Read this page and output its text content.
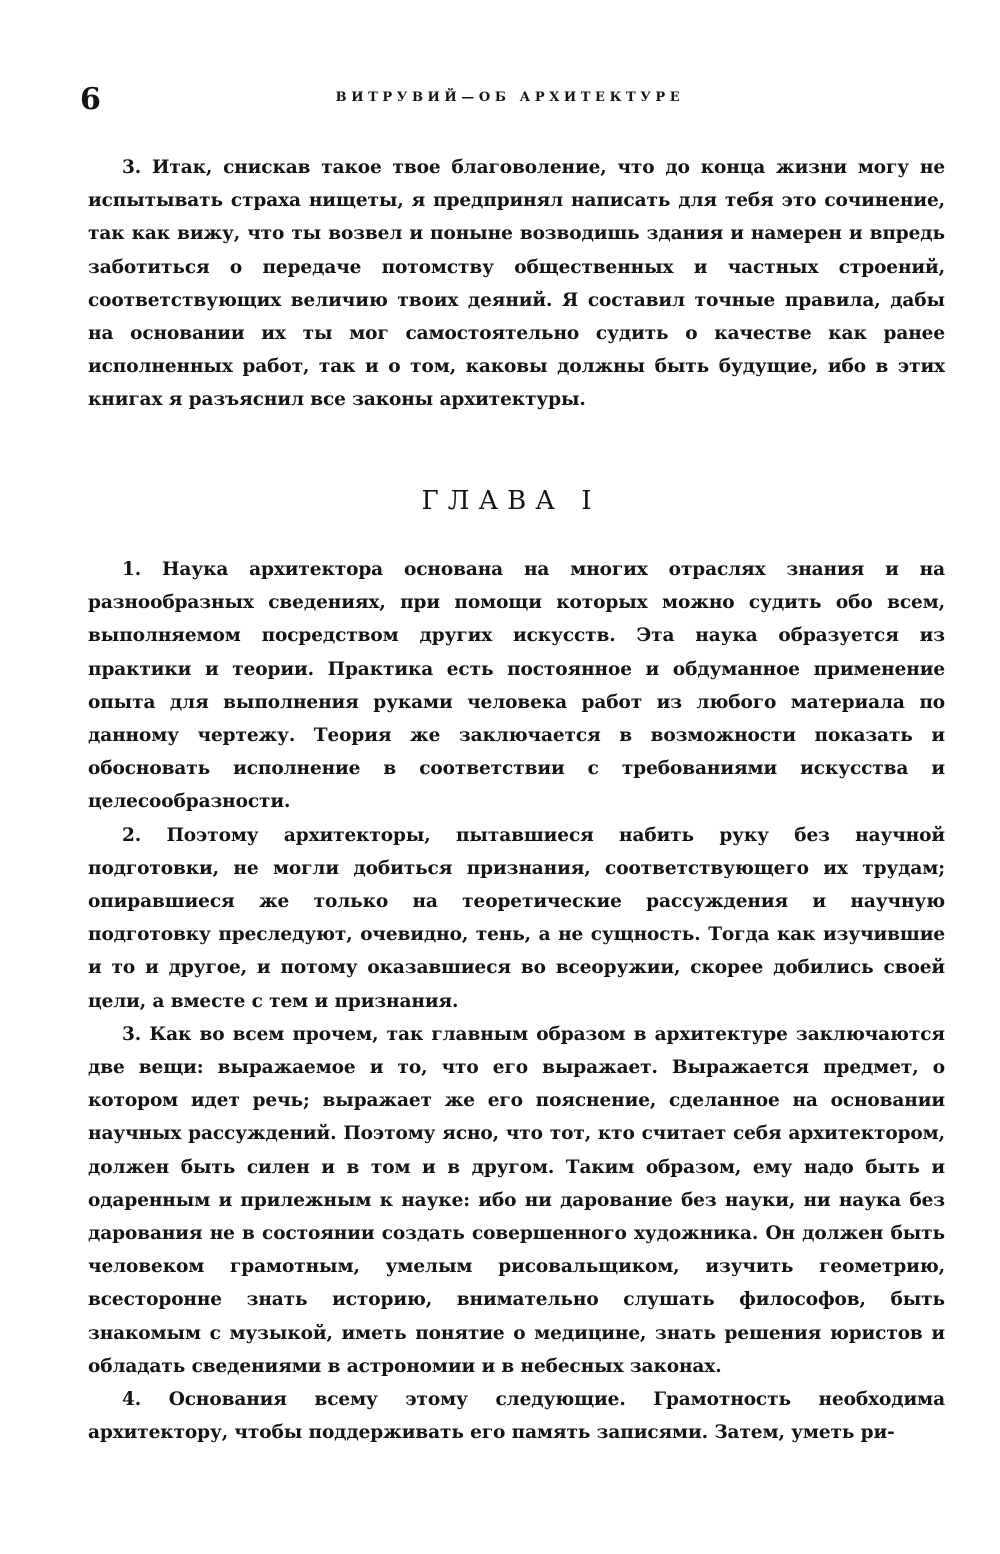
6	ВИТРУВИЙ—ОБ АРХИТЕКТУРЕ

3. Итак, снискав такое твое благоволение, что до конца жизни могу не испытывать страха нищеты, я предпринял написать для тебя это сочинение, так как вижу, что ты возвел и поныне возводишь здания и намерен и впредь заботиться о передаче потомству общественных и частных строений, соответствующих величию твоих деяний. Я составил точные правила, дабы на основании их ты мог самостоятельно судить о качестве как ранее исполненных работ, так и о том, каковы должны быть будущие, ибо в этих книгах я разъяснил все законы архитектуры.

ГЛАВА I

1. Наука архитектора основана на многих отраслях знания и на разнообразных сведениях, при помощи которых можно судить обо всем, выполняемом посредством других искусств. Эта наука образуется из практики и теории. Практика есть постоянное и обдуманное применение опыта для выполнения руками человека работ из любого материала по данному чертежу. Теория же заключается в возможности показать и обосновать исполнение в соответствии с требованиями искусства и целесообразности.

2. Поэтому архитекторы, пытавшиеся набить руку без научной подготовки, не могли добиться признания, соответствующего их трудам; опиравшиеся же только на теоретические рассуждения и научную подготовку преследуют, очевидно, тень, а не сущность. Тогда как изучившие и то и другое, и потому оказавшиеся во всеоружии, скорее добились своей цели, а вместе с тем и признания.

3. Как во всем прочем, так главным образом в архитектуре заключаются две вещи: выражаемое и то, что его выражает. Выражается предмет, о котором идет речь; выражает же его пояснение, сделанное на основании научных рассуждений. Поэтому ясно, что тот, кто считает себя архитектором, должен быть силен и в том и в другом. Таким образом, ему надо быть и одаренным и прилежным к науке: ибо ни дарование без науки, ни наука без дарования не в состоянии создать совершенного художника. Он должен быть человеком грамотным, умелым рисовальщиком, изучить геометрию, всесторонне знать историю, внимательно слушать философов, быть знакомым с музыкой, иметь понятие о медицине, знать решения юристов и обладать сведениями в астрономии и в небесных законах.

4. Основания всему этому следующие. Грамотность необходима архитектору, чтобы поддерживать его память записями. Затем, уметь ри-
